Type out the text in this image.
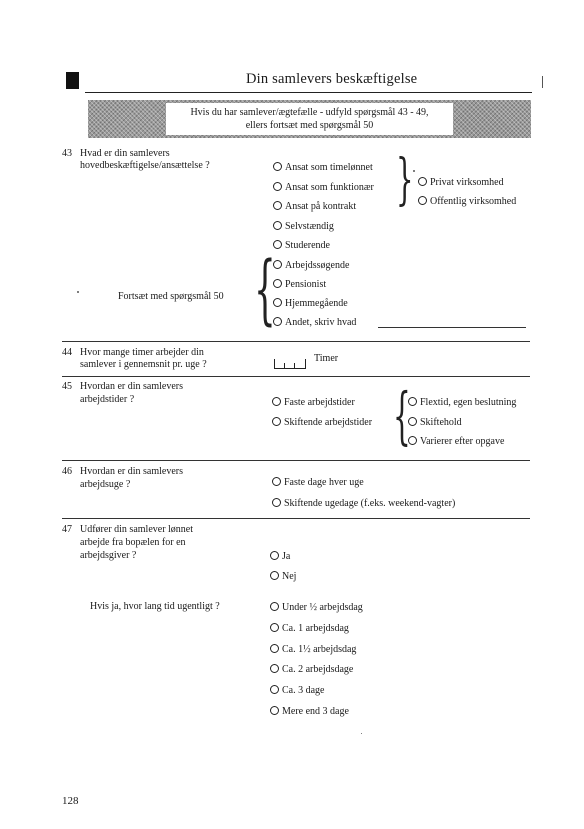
Din samlevers beskæftigelse
Hvis du har samlever/ægtefælle - udfyld spørgsmål 43 - 49,
ellers fortsæt med spørgsmål 50
43 Hvad er din samlevers
hovedbeskæftigelse/ansættelse ?	Ansat som timelønnet
Ansat som funktionær
Ansat på kontrakt
Selvstændig
Studerende
Arbejdssøgende
Pensionist
Hjemmegående
Andet, skriv hvad
}	Privat virksomhed
Offentlig virksomhed
Fortsæt med spørgsmål 50 {
44 Hvor mange timer arbejder din
samlever i gennemsnit pr. uge ?
Timer
45 Hvordan er din samlevers
arbejdstider ?	Faste arbejdstider
Skiftende arbejdstider { Flextid, egen beslutning
Skiftehold
Varierer efter opgave
46 Hvordan er din samlevers
arbejdsuge ?	Faste dage hver uge
Skiftende ugedage (f.eks. weekend-vagter)
47 Udfører din samlever lønnet
arbejde fra bopælen for en
arbejdsgiver ?	Ja
Nej
Hvis ja, hvor lang tid ugentligt ?	Under ½ arbejdsdag
Ca. 1 arbejdsdag
Ca. 1½ arbejdsdag
Ca. 2 arbejdsdage
Ca. 3 dage
Mere end 3 dage
128
